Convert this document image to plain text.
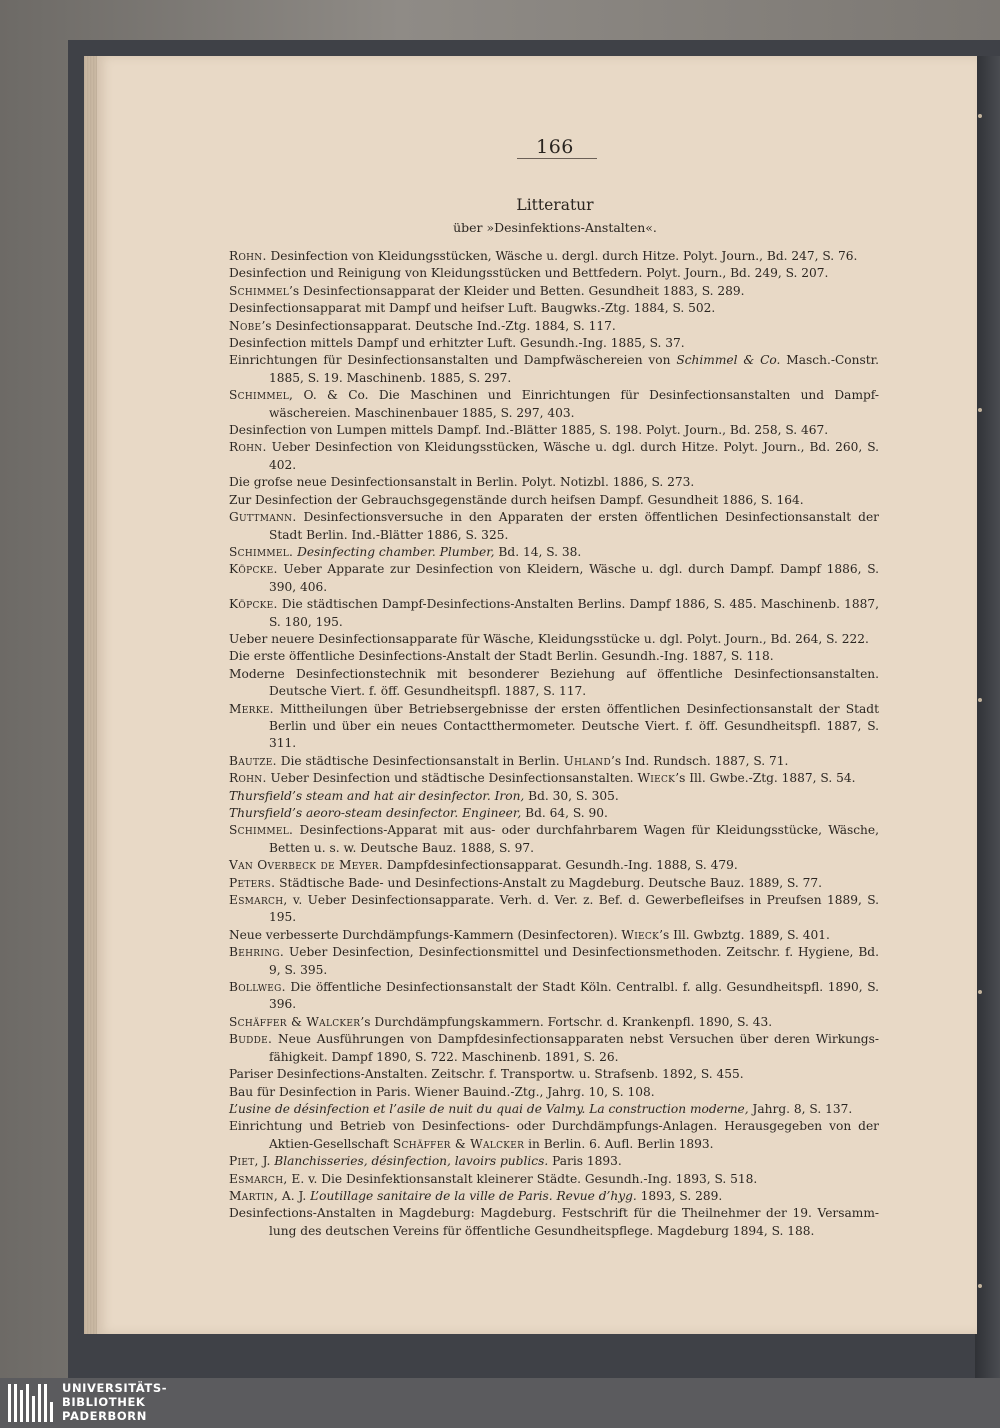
166
Litteratur
über »Desinfektions-Anstalten«.

Rohn. Desinfection von Kleidungsstücken, Wäsche u. dergl. durch Hitze. Polyt. Journ., Bd. 247, S. 76.

Desinfection und Reinigung von Kleidungsstücken und Bettfedern. Polyt. Journ., Bd. 249, S. 207.

Schimmel’s Desinfectionsapparat der Kleider und Betten. Gesundheit 1883, S. 289.

Desinfectionsapparat mit Dampf und heifser Luft. Baugwks.-Ztg. 1884, S. 502.

Nobe’s Desinfectionsapparat. Deutsche Ind.-Ztg. 1884, S. 117.

Desinfection mittels Dampf und erhitzter Luft. Gesundh.-Ing. 1885, S. 37.

Einrichtungen für Desinfectionsanstalten und Dampfwäschereien von Schimmel & Co. Masch.-Constr. 1885, S. 19. Maschinenb. 1885, S. 297.

Schimmel, O. & Co. Die Maschinen und Einrichtungen für Desinfectionsanstalten und Dampf-wäschereien. Maschinenbauer 1885, S. 297, 403.

Desinfection von Lumpen mittels Dampf. Ind.-Blätter 1885, S. 198. Polyt. Journ., Bd. 258, S. 467.

Rohn. Ueber Desinfection von Kleidungsstücken, Wäsche u. dgl. durch Hitze. Polyt. Journ., Bd. 260, S. 402.

Die grofse neue Desinfectionsanstalt in Berlin. Polyt. Notizbl. 1886, S. 273.

Zur Desinfection der Gebrauchsgegenstände durch heifsen Dampf. Gesundheit 1886, S. 164.

Guttmann. Desinfectionsversuche in den Apparaten der ersten öffentlichen Desinfectionsanstalt der Stadt Berlin. Ind.-Blätter 1886, S. 325.

Schimmel. Desinfecting chamber. Plumber, Bd. 14, S. 38.

Köpcke. Ueber Apparate zur Desinfection von Kleidern, Wäsche u. dgl. durch Dampf. Dampf 1886, S. 390, 406.

Köpcke. Die städtischen Dampf-Desinfections-Anstalten Berlins. Dampf 1886, S. 485. Maschinenb. 1887, S. 180, 195.

Ueber neuere Desinfectionsapparate für Wäsche, Kleidungsstücke u. dgl. Polyt. Journ., Bd. 264, S. 222.

Die erste öffentliche Desinfections-Anstalt der Stadt Berlin. Gesundh.-Ing. 1887, S. 118.

Moderne Desinfectionstechnik mit besonderer Beziehung auf öffentliche Desinfectionsanstalten. Deutsche Viert. f. öff. Gesundheitspfl. 1887, S. 117.

Merke. Mittheilungen über Betriebsergebnisse der ersten öffentlichen Desinfectionsanstalt der Stadt Berlin und über ein neues Contactthermometer. Deutsche Viert. f. öff. Gesundheitspfl. 1887, S. 311.

Bautze. Die städtische Desinfectionsanstalt in Berlin. Uhland’s Ind. Rundsch. 1887, S. 71.

Rohn. Ueber Desinfection und städtische Desinfectionsanstalten. Wieck’s Ill. Gwbe.-Ztg. 1887, S. 54.

Thursfield’s steam and hat air desinfector. Iron, Bd. 30, S. 305.

Thursfield’s aeoro-steam desinfector. Engineer, Bd. 64, S. 90.

Schimmel. Desinfections-Apparat mit aus- oder durchfahrbarem Wagen für Kleidungsstücke, Wäsche, Betten u. s. w. Deutsche Bauz. 1888, S. 97.

Van Overbeck de Meyer. Dampfdesinfectionsapparat. Gesundh.-Ing. 1888, S. 479.

Peters. Städtische Bade- und Desinfections-Anstalt zu Magdeburg. Deutsche Bauz. 1889, S. 77.

Esmarch, v. Ueber Desinfectionsapparate. Verh. d. Ver. z. Bef. d. Gewerbefleifses in Preufsen 1889, S. 195.

Neue verbesserte Durchdämpfungs-Kammern (Desinfectoren). Wieck’s Ill. Gwbztg. 1889, S. 401.

Behring. Ueber Desinfection, Desinfectionsmittel und Desinfectionsmethoden. Zeitschr. f. Hygiene, Bd. 9, S. 395.

Bollweg. Die öffentliche Desinfectionsanstalt der Stadt Köln. Centralbl. f. allg. Gesundheitspfl. 1890, S. 396.

Schäffer & Walcker’s Durchdämpfungskammern. Fortschr. d. Krankenpfl. 1890, S. 43.

Budde. Neue Ausführungen von Dampfdesinfectionsapparaten nebst Versuchen über deren Wirkungs-fähigkeit. Dampf 1890, S. 722. Maschinenb. 1891, S. 26.

Pariser Desinfections-Anstalten. Zeitschr. f. Transportw. u. Strafsenb. 1892, S. 455.

Bau für Desinfection in Paris. Wiener Bauind.-Ztg., Jahrg. 10, S. 108.

L’usine de désinfection et l’asile de nuit du quai de Valmy. La construction moderne, Jahrg. 8, S. 137.

Einrichtung und Betrieb von Desinfections- oder Durchdämpfungs-Anlagen. Herausgegeben von der Aktien-Gesellschaft Schäffer & Walcker in Berlin. 6. Aufl. Berlin 1893.

Piet, J. Blanchisseries, désinfection, lavoirs publics. Paris 1893.

Esmarch, E. v. Die Desinfektionsanstalt kleinerer Städte. Gesundh.-Ing. 1893, S. 518.

Martin, A. J. L’outillage sanitaire de la ville de Paris. Revue d’hyg. 1893, S. 289.

Desinfections-Anstalten in Magdeburg: Magdeburg. Festschrift für die Theilnehmer der 19. Versamm-lung des deutschen Vereins für öffentliche Gesundheitspflege. Magdeburg 1894, S. 188.

UNIVERSITÄTS-
BIBLIOTHEK
PADERBORN
